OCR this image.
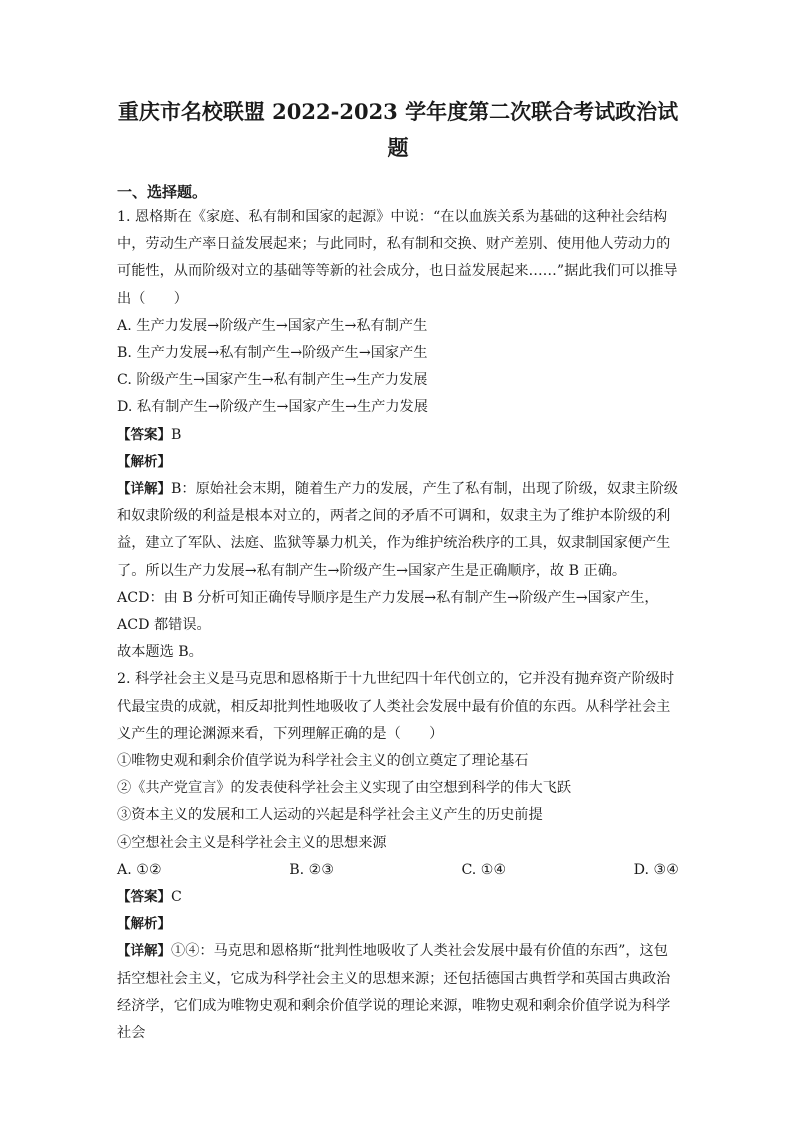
重庆市名校联盟 2022-2023 学年度第二次联合考试政治试
题
一、选择题。

1. 恩格斯在《家庭、私有制和国家的起源》中说：“在以血族关系为基础的这种社会结构中，劳动生产率日益发展起来；与此同时，私有制和交换、财产差别、使用他人劳动力的可能性，从而阶级对立的基础等等新的社会成分，也日益发展起来……”据此我们可以推导出（　　）

A. 生产力发展→阶级产生→国家产生→私有制产生

B. 生产力发展→私有制产生→阶级产生→国家产生

C. 阶级产生→国家产生→私有制产生→生产力发展

D. 私有制产生→阶级产生→国家产生→生产力发展

【答案】B

【解析】

【详解】B：原始社会末期，随着生产力的发展，产生了私有制，出现了阶级，奴隶主阶级和奴隶阶级的利益是根本对立的，两者之间的矛盾不可调和，奴隶主为了维护本阶级的利益，建立了军队、法庭、监狱等暴力机关，作为维护统治秩序的工具，奴隶制国家便产生了。所以生产力发展→私有制产生→阶级产生→国家产生是正确顺序，故 B 正确。

ACD：由 B 分析可知正确传导顺序是生产力发展→私有制产生→阶级产生→国家产生，ACD 都错误。

故本题选 B。

2. 科学社会主义是马克思和恩格斯于十九世纪四十年代创立的，它并没有抛弃资产阶级时代最宝贵的成就，相反却批判性地吸收了人类社会发展中最有价值的东西。从科学社会主义产生的理论渊源来看，下列理解正确的是（　　）

①唯物史观和剩余价值学说为科学社会主义的创立奠定了理论基石

②《共产党宣言》的发表使科学社会主义实现了由空想到科学的伟大飞跃

③资本主义的发展和工人运动的兴起是科学社会主义产生的历史前提

④空想社会主义是科学社会主义的思想来源

A. ①②	B. ②③	C. ①④	D. ③④

【答案】C

【解析】

【详解】①④：马克思和恩格斯“批判性地吸收了人类社会发展中最有价值的东西”，这包括空想社会主义，它成为科学社会主义的思想来源；还包括德国古典哲学和英国古典政治经济学，它们成为唯物史观和剩余价值学说的理论来源，唯物史观和剩余价值学说为科学社会
